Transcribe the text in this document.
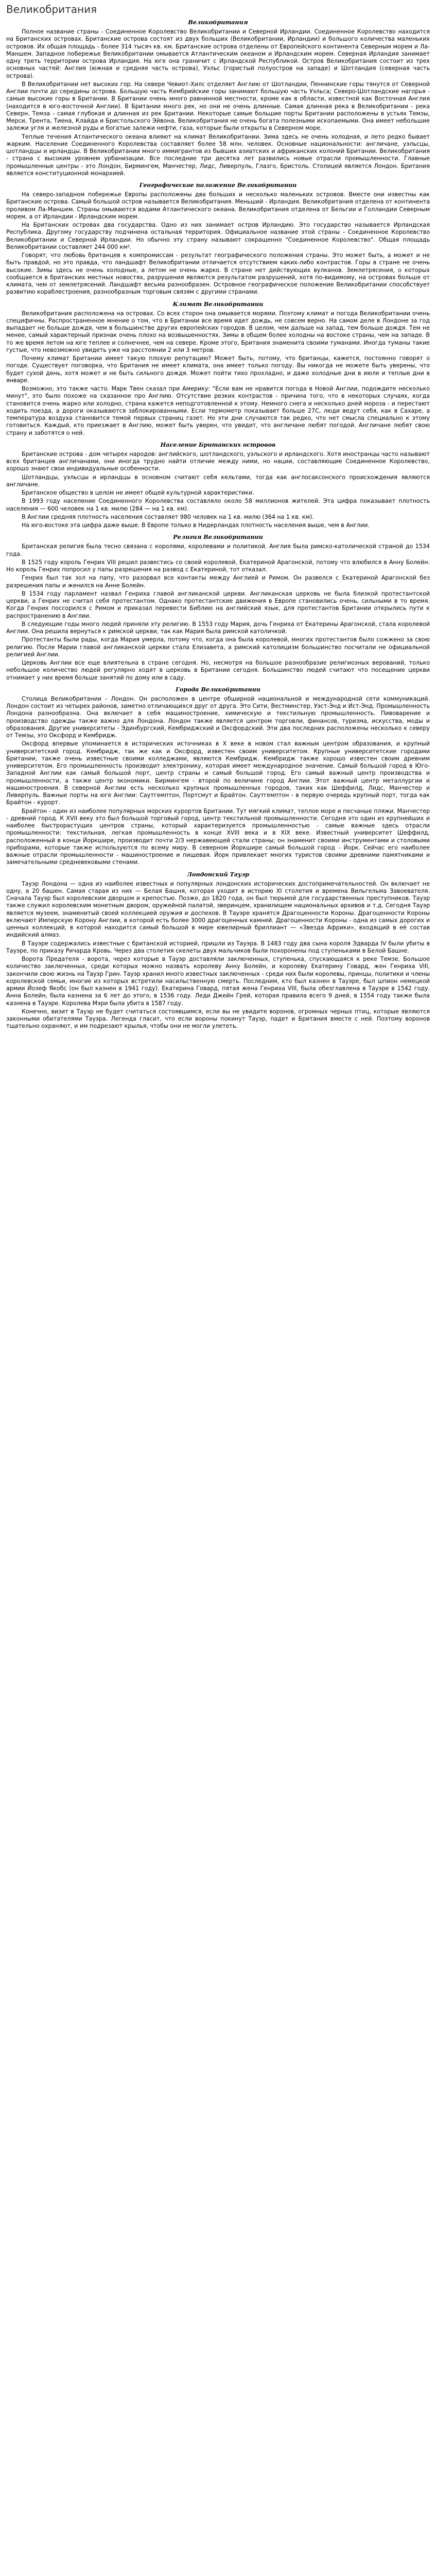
Великобритания
Великобритания

Полное название страны - Соединенное Королевство Великобритании и Северной Ирландии. Соединенное Королевство находится на Британских островах. Британские острова состоят из двух больших (Великобритании, Ирландии) и большого количества маленьких островов. Их общая площадь - более 314 тысяч кв. км. Британские острова отделены от Европейского континента Северным морем и Ла-Маншем. Западное побережье Великобритании омывается Атлантическим океаном и Ирландским морем. Северная Ирландия занимает одну треть территории острова Ирландия. На юге она граничит с Ирландской Республикой. Остров Великобритания состоит из трех основных частей: Англия (южная и средняя часть острова), Уэльс (гористый полуостров на западе) и Шотландия (северная часть острова).

В Великобритании нет высоких гор. На севере Чевиот-Хилс отделяет Англию от Шотландии, Пеннинские горы тянутся от Северной Англии почти до середины острова. Большую часть Кембрийские горы занимают большую часть Уэльса; Северо-Шотландские нагорья - самые высокие горы в Британии. В Британии очень много равнинной местности, кроме как в области, известной как Восточная Англия (находится в юго-восточной Англии). В Британии много рек, но они не очень длинные. Самая длинная река в Великобритании - река Северн. Темза - самая глубокая и длинная из рек Британии. Некоторые самые большие порты Британии расположены в устьях Темзы, Мерси, Трента, Тиена, Клайда и Бристольского Эйвона. Великобритания не очень богата полезными ископаемыми. Она имеет небольшие залежи угля и железной руды и богатые залежи нефти, газа, которые были открыты в Северном море.

Теплые течения Атлантического океана влияют на климат Великобритании. Зима здесь не очень холодная, и лето редко бывает жарким. Население Соединенного Королевства составляет более 58 млн. человек. Основные национальности: англичане, уэльсцы, шотландцы и ирландцы. В Великобритании много иммигрантов из бывших азиатских и африканских колоний Британии. Великобритания - страна с высоким уровнем урбанизации. Все последние три десятка лет развились новые отрасли промышленности. Главные промышленные центры - это Лондон, Бирмингем, Манчестер, Лидс, Ливерпуль, Глазго, Бристоль. Столицей является Лондон. Британия является конституционной монархией.

Географическое положение Великобритании

На северо-западном побережье Европы расположены два больших и несколько маленьких островов. Вместе они известны как Британские острова. Самый большой остров называется Великобритания. Меньший - Ирландия. Великобритания отделена от континента проливом Ла-Маншем. Страны омываются водами Атлантического океана. Великобритания отделена от Бельгии и Голландии Северным морем, а от Ирландии - Ирландским морем.

На Британских островах два государства. Одно из них занимает остров Ирландию. Это государство называется Ирландская Республика. Другому государству подчинена остальная территория. Официальное название этой страны - Соединенное Королевство Великобритании и Северной Ирландии. Но обычно эту страну называют сокращенно "Соединенное Королевство". Общая площадь Великобритании составляет 244 000 км².

Говорят, что любовь британцев к компромиссам - результат географического положения страны. Это может быть, а может и не быть правдой, но это правда, что ландшафт Великобритании отличается отсутствием каких-либо контрастов. Горы в стране не очень высокие. Зимы здесь не очень холодные, а летом не очень жарко. В стране нет действующих вулканов. Землетрясения, о которых сообщается в британских местных новостях, разрушения являются результатом разрушений, хотя по-видимому, на островах больше от климата, чем от землетрясений. Ландшафт весьма разнообразен. Островное географическое положение Великобритании способствует развитию кораблестроения, разнообразным торговым связям с другими странами.

Климат Великобритании

Великобритания расположена на островах. Со всех сторон она омывается морями. Поэтому климат и погода Великобритании очень специфичны. Распространенное мнение о том, что в Британии все время идет дождь, не совсем верно. На самом деле в Лондоне за год выпадает не больше дождя, чем в большинстве других европейских городов. В целом, чем дальше на запад, тем больше дождя. Тем не менее, самый характерный признак очень плохо на возвышенностях. Зимы в общем более холодны на востоке страны, чем на западе. В то же время летом на юге теплее и солнечнее, чем на севере. Кроме этого, Британия знаменита своими туманами. Иногда туманы такие густые, что невозможно увидеть уже на расстоянии 2 или 3 метров.

Почему климат Британии имеет такую плохую репутацию? Может быть, потому, что британцы, кажется, постоянно говорят о погоде. Существует поговорка, что Британия не имеет климата, она имеет только погоду. Вы никогда не можете быть уверены, что будет сухой день, хотя может и не быть сильного дождя. Может пойти тихо прохладно, и даже холодные дни в июле и теплые дни в январе.

Возможно, это также часто. Марк Твен сказал при Америку: "Если вам не нравится погода в Новой Англии, подождите несколько минут", это было похоже на сказанное про Англию. Отсутствие резких контрастов - причина того, что в некоторых случаях, когда становится очень жарко или холодно, страна кажется неподготовленной к этому. Немного снега и несколько дней мороза - и перестают ходить поезда, а дороги оказываются заблокированными. Если термометр показывает больше 27С, люди ведут себя, как в Сахаре, а температура воздуха становится темой первых страниц газет. Но эти дни случаются так редко, что нет смысла специально к этому готовиться. Каждый, кто приезжает в Англию, может быть уверен, что увидит, что англичане любят погодой. Англичане любят свою страну и заботятся о ней.

Население Британских островов

Британские острова - дом четырех народов: английского, шотландского, уэльского и ирландского. Хотя иностранцы часто называют всех британцев англичанами, они иногда трудно найти отличие между ними, но нации, составляющие Соединенное Королевство, хорошо знают свои индивидуальные особенности.

Шотландцы, уэльсцы и ирландцы в основном считают себя кельтами, тогда как англосаксонского происхождения являются англичане.

Британское общество в целом не имеет общей культурной характеристики.

В 1993 году население Соединенного Королевства составляло около 58 миллионов жителей. Эта цифра показывает плотность населения — 600 человек на 1 кв. милю (284 — на 1 кв. км).

В Англии средняя плотность населения составляет 980 человек на 1 кв. милю (364 на 1 кв. км).

На юго-востоке эта цифра даже выше. В Европе только в Нидерландах плотность населения выше, чем в Англии.

Религия Великобритании

Британская религия была тесно связана с королями, королевами и политикой. Англия была римско-католической страной до 1534 года.

В 1525 году король Генрих VIII решил развестись со своей королевой, Екатериной Арагонской, потому что влюбился в Анну Болейн. Но король Генрих попросил у папы разрешения на развод с Екатериной, тот отказал.

Генрих был так зол на папу, что разорвал все контакты между Англией и Римом. Он развелся с Екатериной Арагонской без разрешения папы и женился на Анне Болейн.

В 1534 году парламент назвал Генриха главой англиканской церкви. Англиканская церковь не была близкой протестантской церкви, а Генрих не считал себя протестантом. Однако протестантские движения в Европе становились очень, сильными в то время. Когда Генрих поссорился с Римом и приказал перевести Библию на английский язык, для протестантов Британии открылись пути к распространению в Англии.

В следующие годы много людей приняли эту религию. В 1553 году Мария, дочь Генриха от Екатерины Арагонской, стала королевой Англии. Она решила вернуться к римской церкви, так как Мария была римской католичкой.

Протестанты были рады, когда Мария умерла, потому что, когда она была королевой, многих протестантов было сожжено за свою религию. После Марии главой англиканской церкви стала Елизавета, а римский католицизм большинство посчитали не официальной религией Англии.

Церковь Англии все еще влиятельна в стране сегодня. Но, несмотря на большое разнообразие религиозных верований, только небольшое количество людей регулярно ходят в церковь в Британии сегодня. Большинство людей считают что посещение церкви отнимает у них время больше занятий по дому или в саду.

Города Великобритании

Столица Великобритании - Лондон. Он расположен в центре обширной национальной и международной сети коммуникаций. Лондон состоит из четырех районов, заметно отличающихся друг от друга. Это Сити, Вестминстер, Уэст-Энд и Ист-Энд. Промышленность Лондона разнообразна. Она включает в себя машиностроение, химическую и текстильную промышленность. Пивоварение и производство одежды также важно для Лондона. Лондон также является центром торговли, финансов, туризма, искусства, моды и образования. Другие университеты - Эдинбургский, Кембриджский и Оксфордский. Эти два последних расположены несколько к северу от Темзы, это Оксфорд и Кембридж.

Оксфорд впервые упоминается в исторических источниках в X веке в новом стал важным центром образования, и крупный университетский город. Кембридж, так же как и Оксфорд, известен своим университетом. Крупные университетские городами Британии, также очень известные своими колледжами, являются Кембридж. Кембридж также хорошо известен своим древним университетом. Его промышленность производит электронику, которая имеет международное значение. Самый большой город в Юго-Западной Англии как самый большой порт, центр страны и самый большой город. Его самый важный центр производства и промышленности, а также центр экономики. Бирмингем - второй по величине город Англии. Этот важный центр металлургии и машиностроения. В северной Англии есть несколько крупных промышленных городов, таких как Шеффилд, Лидс, Манчестер и Ливерпуль. Важные порты на юге Англии: Саутгемптон, Портсмут и Брайтон. Саутгемптон - в первую очередь крупный порт, тогда как Брайтон - курорт.

Брайтон - один из наиболее популярных морских курортов Британии. Тут мягкий климат, теплое море и песчаные пляжи. Манчестер - древний город. К XVII веку это был большой торговый город, центр текстильной промышленности. Сегодня это один из крупнейших и наиболее быстрорастущих центров страны, который характеризуется промышленностью - самые важные здесь отрасли промышленности: текстильная, легкая промышленность в конце XVIII века и в XIX веке. Известный университет Шеффилд, расположенный в конце Йоркшире, производит почти 2/3 нержавеющей стали страны; он знаменит своими инструментами и столовыми приборами, которые также используются по всему миру. В северном Йоркшире самый большой город - Йорк. Сейчас его наиболее важные отрасли промышленности - машиностроение и пищевая. Йорк привлекает многих туристов своими древними памятниками и замечательными средневековыми стенами.

Лондонский Тауэр

Тауэр Лондона — одна из наиболее известных и популярных лондонских исторических достопримечательностей. Он включает не одну, а 20 башен. Самая старая из них — Белая Башня, которая уходит в историю XI столетия и времена Вильгельма Завоевателя. Сначала Тауэр был королевским дворцом и крепостью. Позже, до 1820 года, он был тюрьмой для государственных преступников. Тауэр также служил королевским монетным двором, оружейной палатой, зверинцем, хранилищем национальных архивов и т.д. Сегодня Тауэр является музеем, знаменитый своей коллекцией оружия и доспехов. В Тауэре хранятся Драгоценности Короны. Драгоценности Короны включают Имперскую Корону Англии, в которой есть более 3000 драгоценных камней. Драгоценности Короны - одна из самых дорогих и ценных коллекций, в которой находится самый большой в мире ювелирный бриллиант — «Звезда Африки», входящий в её состав индийский алмаз.

В Тауэре содержались известные с британской историей, пришли из Тауэра. В 1483 году два сына короля Эдварда IV были убиты в Тауэре, по приказу Ричарда Кровь. Через два столетия скелеты двух мальчиков были похоронены под ступеньками в Белой Башне.

Ворота Предателя - ворота, через которые в Тауэр доставляли заключенных, ступенька, спускающаяся к реке Темзе. Большое количество заключенных, среди которых можно назвать королеву Анну Болейн, и королеву Екатерину Говард, жен Генриха VIII, закончили свою жизнь на Тауэр Грин. Тауэр хранил много известных заключенных - среди них были королевы, принцы, политики и члены королевской семьи, многие из которых встретили насильственную смерть. Последним, кто был казнен в Тауэре, был шпион немецкой армии Йозеф Якобс (он был казнен в 1941 году). Екатерина Говард, пятая жена Генриха VIII, была обезглавлена в Тауэре в 1542 году. Анна Болейн, была казнена за 6 лет до этого, в 1536 году. Леди Джейн Грей, которая правила всего 9 дней, в 1554 году также была казнена в Тауэре. Королева Мэри была убита в 1587 году.

Конечно, визит в Тауэр не будет считаться состоявшимся, если вы не увидите воронов, огромных черных птиц, которые являются законными обитателями Тауэра. Легенда гласит, что если вороны покинут Тауэр, падет и Британия вместе с ней. Поэтому воронов тщательно охраняют, и им подрезают крылья, чтобы они не могли улететь.
